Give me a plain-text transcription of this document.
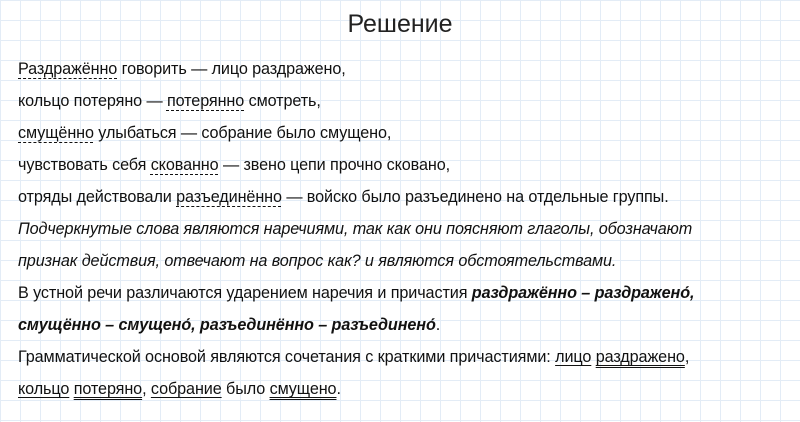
Решение
Раздражённо говорить — лицо раздражено,
кольцо потеряно — потерянно смотреть,
смущённо улыбаться — собрание было смущено,
чувствовать себя скованно — звено цепи прочно сковано,
отряды действовали разъединённо — войско было разъединено на отдельные группы.
Подчеркнутые слова являются наречиями, так как они поясняют глаголы, обозначают
признак действия, отвечают на вопрос как? и являются обстоятельствами.
В устной речи различаются ударением наречия и причастия раздражённо – раздражено́,
смущённо – смущено́, разъединённо – разъединено́.
Грамматической основой являются сочетания с краткими причастиями: лицо раздражено,
кольцо потеряно, собрание было смущено.
